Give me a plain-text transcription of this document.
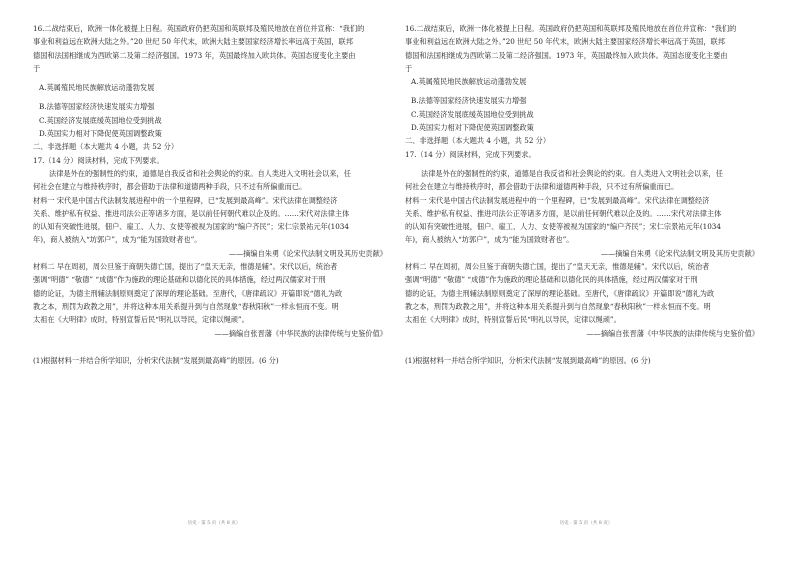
16.二战结束后，欧洲一体化被提上日程。英国政府仍把英国和英联邦及殖民地放在首位并宣称：“我们的
事业和利益远在欧洲大陆之外。”20 世纪 50 年代末，欧洲大陆主要国家经济增长率远高于英国，联邦
德国和法国相继成为西欧第二及第二经济强国。1973 年，英国最终加入欧共体。英国态度变化主要由
于
A.英属殖民地民族解放运动蓬勃发展
B.法德等国家经济快速发展实力增强
C.英国经济发展底缓英国地位受到挑战
D.英国实力相对下降促使英国调整政策
二、非选择题（本大题共 4 小题，共 52 分）
17.（14 分）阅读材料，完成下列要求。
法律是外在的强制性的约束，道德是自我反省和社会舆论的约束。自人类进入文明社会以来，任
何社会在建立与维持秩序时，都会借助于法律和道德两种手段，只不过有所偏重而已。
材料一 宋代是中国古代法制发展进程中的一个里程碑，已“发展到最高峰”。宋代法律在调整经济
关系、维护私有权益、推进司法公正等诸多方面，是以前任何朝代难以企及的。……宋代对法律主体
的认知有突破性进展，佃户、雇工、人力、女使等被视为国家的“编户齐民”；宋仁宗景祐元年(1034
年)，商人被纳入“坊郭户”，成为“能为国致财者也”。
——摘编自朱勇《论宋代法制文明及其历史贡献》
材料二 早在周初，周公旦鉴于商朝失德亡国，提出了“皇天无亲，惟德是辅”。宋代以后，统治者
强调“明德” “敬德” “成德”作为施政的理论基础和以德化民的具体措施，经过两汉儒家对于刑
德的论证，为德主刑辅法制原则奠定了深厚的理论基础。至唐代，《唐律疏议》开篇即说“德礼为政
教之本，刑罚为政教之用”，并将这种本用关系提升到与自然现象“春秋阳秋”一样永恒而不变。明
太祖在《大明律》成时，特别宣誓后民“明礼以导民，定律以绳顽”。
——摘编自张晋藩《中华民族的法律传统与史鉴价值》
(1)根据材料一并结合所学知识，分析宋代法制“发展到最高峰”的原因。(6 分)
历史 · 第 5 页（共 8 页）
16.二战结束后，欧洲一体化被提上日程。英国政府仍把英国和英联邦及殖民地放在首位并宣称：“我们的
事业和利益远在欧洲大陆之外。”20 世纪 50 年代末，欧洲大陆主要国家经济增长率远高于英国，联邦
德国和法国相继成为西欧第二及第二经济强国。1973 年，英国最终加入欧共体。英国态度变化主要由
于
A.英属殖民地民族解放运动蓬勃发展
B.法德等国家经济快速发展实力增强
C.英国经济发展底缓英国地位受到挑战
D.英国实力相对下降促使英国调整政策
二、非选择题（本大题共 4 小题，共 52 分）
17.（14 分）阅读材料，完成下列要求。
法律是外在的强制性的约束，道德是自我反省和社会舆论的约束。自人类进入文明社会以来，任
何社会在建立与维持秩序时，都会借助于法律和道德两种手段，只不过有所偏重而已。
材料一 宋代是中国古代法制发展进程中的一个里程碑，已“发展到最高峰”。宋代法律在调整经济
关系、维护私有权益、推进司法公正等诸多方面，是以前任何朝代难以企及的。……宋代对法律主体
的认知有突破性进展，佃户、雇工、人力、女使等被视为国家的“编户齐民”；宋仁宗景祐元年(1034
年)，商人被纳入“坊郭户”，成为“能为国致财者也”。
——摘编自朱勇《论宋代法制文明及其历史贡献》
材料二 早在周初，周公旦鉴于商朝失德亡国，提出了“皇天无亲，惟德是辅”。宋代以后，统治者
强调“明德” “敬德” “成德”作为施政的理论基础和以德化民的具体措施，经过两汉儒家对于刑
德的论证，为德主刑辅法制原则奠定了深厚的理论基础。至唐代，《唐律疏议》开篇即说“德礼为政
教之本，刑罚为政教之用”，并将这种本用关系提升到与自然现象“春秋阳秋”一样永恒而不变。明
太祖在《大明律》成时，特别宣誓后民“明礼以导民，定律以绳顽”。
——摘编自张晋藩《中华民族的法律传统与史鉴价值》
(1)根据材料一并结合所学知识，分析宋代法制“发展到最高峰”的原因。(6 分)
历史 · 第 5 页（共 8 页）
